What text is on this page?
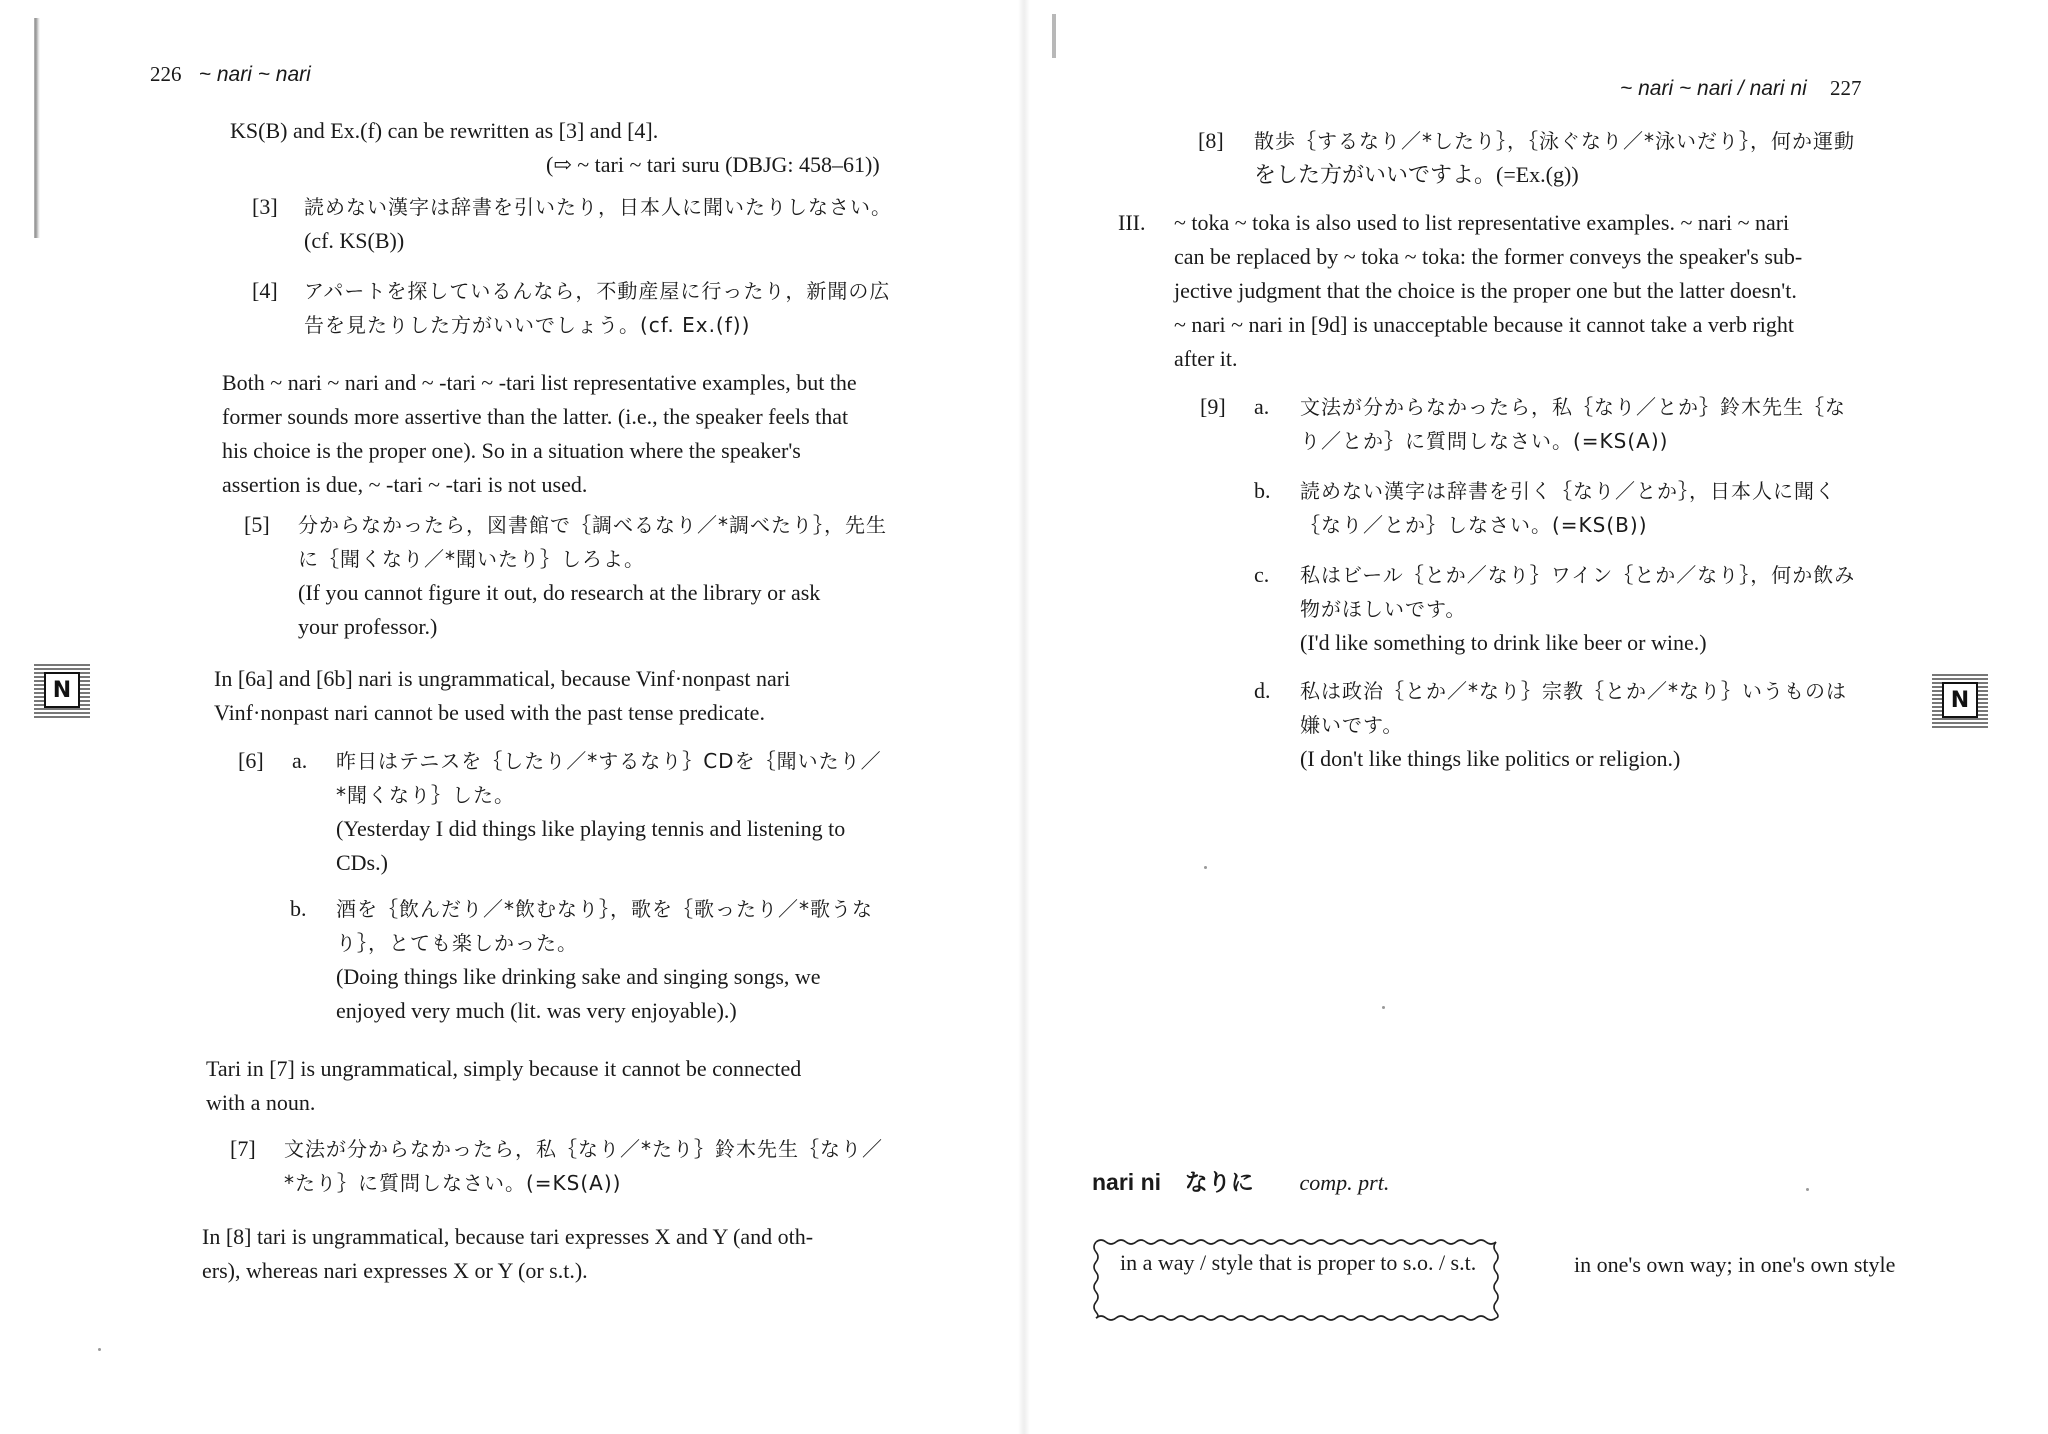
226 ~ nari ~ nari
KS(B) and Ex.(f) can be rewritten as [3] and [4].
(⇨ ~ tari ~ tari suru (DBJG: 458–61))
[3] 読めない漢字は辞書を引いたり，日本人に聞いたりしなさい。

(cf. KS(B))

[4] アパートを探しているんなら，不動産屋に行ったり，新聞の広

告を見たりした方がいいでしょう。(cf. Ex.(f))

Both ~ nari ~ nari and ~ -tari ~ -tari list representative examples, but the

former sounds more assertive than the latter. (i.e., the speaker feels that

his choice is the proper one). So in a situation where the speaker's

assertion is due, ~ -tari ~ -tari is not used.

[5] 分からなかったら，図書館で｛調べるなり／*調べたり｝，先生

に｛聞くなり／*聞いたり｝しろよ。

(If you cannot figure it out, do research at the library or ask

your professor.)

N	In [6a] and [6b] nari is ungrammatical, because Vinf·nonpast nari

Vinf·nonpast nari cannot be used with the past tense predicate.

[6] a. 昨日はテニスを｛したり／*するなり｝CDを｛聞いたり／

*聞くなり｝した。

(Yesterday I did things like playing tennis and listening to

CDs.)

b. 酒を｛飲んだり／*飲むなり｝，歌を｛歌ったり／*歌うな

り｝，とても楽しかった。

(Doing things like drinking sake and singing songs, we

enjoyed very much (lit. was very enjoyable).)

Tari in [7] is ungrammatical, simply because it cannot be connected

with a noun.

[7] 文法が分からなかったら，私｛なり／*たり｝鈴木先生｛なり／

*たり｝に質問しなさい。(=KS(A))

In [8] tari is ungrammatical, because tari expresses X and Y (and oth-

ers), whereas nari expresses X or Y (or s.t.).

~ nari ~ nari / nari ni 227
[8] 散歩｛するなり／*したり｝，｛泳ぐなり／*泳いだり｝，何か運動

をした方がいいですよ。(=Ex.(g))

III. ~ toka ~ toka is also used to list representative examples. ~ nari ~ nari

can be replaced by ~ toka ~ toka: the former conveys the speaker's sub-

jective judgment that the choice is the proper one but the latter doesn't.

~ nari ~ nari in [9d] is unacceptable because it cannot take a verb right

after it.

[9] a. 文法が分からなかったら，私｛なり／とか｝鈴木先生｛な

り／とか｝に質問しなさい。(=KS(A))

b. 読めない漢字は辞書を引く｛なり／とか｝，日本人に聞く

｛なり／とか｝しなさい。(=KS(B))

c. 私はビール｛とか／なり｝ワイン｛とか／なり｝，何か飲み

物がほしいです。

(I'd like something to drink like beer or wine.)

d. 私は政治｛とか／*なり｝宗教｛とか／*なり｝いうものは

嫌いです。

(I don't like things like politics or religion.)

N
nari ni なりに comp. prt.
in a way / style that is proper to s.o. / s.t.	in one's own way; in one's own style
